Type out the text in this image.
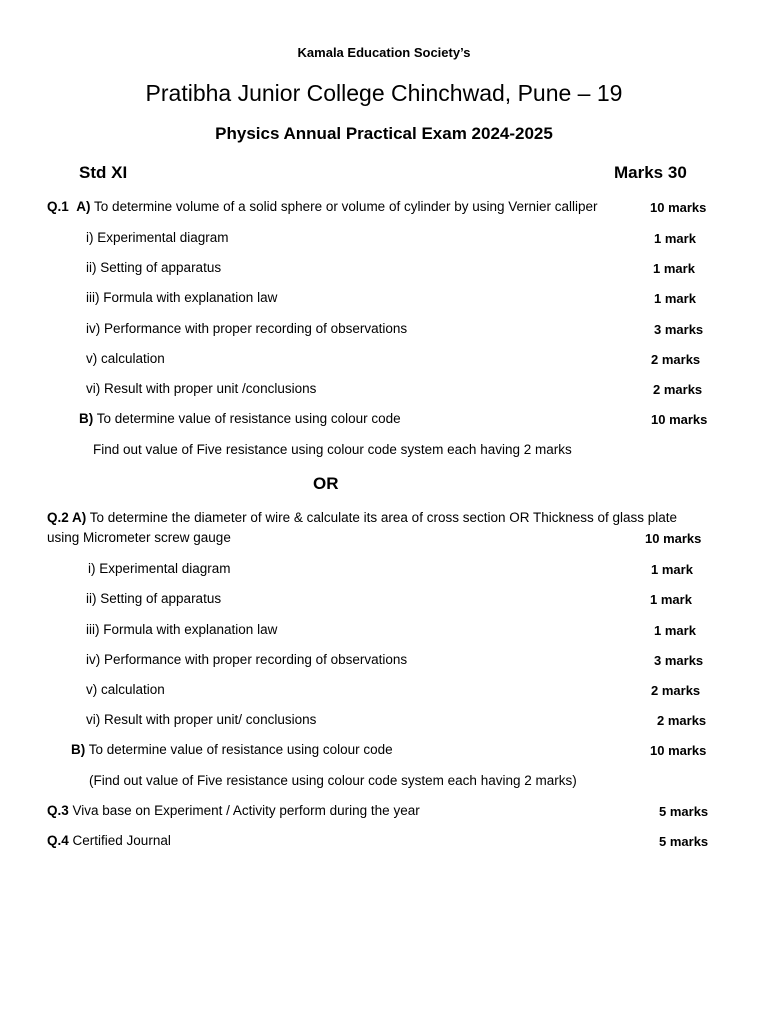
Kamala Education Society’s
Pratibha Junior College Chinchwad, Pune – 19
Physics Annual Practical Exam 2024-2025
Std XI	Marks 30
Q.1 A) To determine volume of a solid sphere or volume of cylinder by using Vernier calliper	10 marks
i) Experimental diagram	1 mark
ii) Setting of apparatus	1 mark
iii) Formula with explanation law	1 mark
iv) Performance with proper recording of observations	3 marks
v) calculation	2 marks
vi) Result with proper unit /conclusions	2 marks
B) To determine value of resistance using colour code	10 marks
Find out value of Five resistance using colour code system each having 2 marks
OR
Q.2 A) To determine the diameter of wire & calculate its area of cross section OR Thickness of glass plate
using Micrometer screw gauge	10 marks
i) Experimental diagram	1 mark
ii) Setting of apparatus	1 mark
iii) Formula with explanation law	1 mark
iv) Performance with proper recording of observations	3 marks
v) calculation	2 marks
vi) Result with proper unit/ conclusions	2 marks
B) To determine value of resistance using colour code	10 marks
(Find out value of Five resistance using colour code system each having 2 marks)
Q.3 Viva base on Experiment / Activity perform during the year	5 marks
Q.4 Certified Journal	5 marks
